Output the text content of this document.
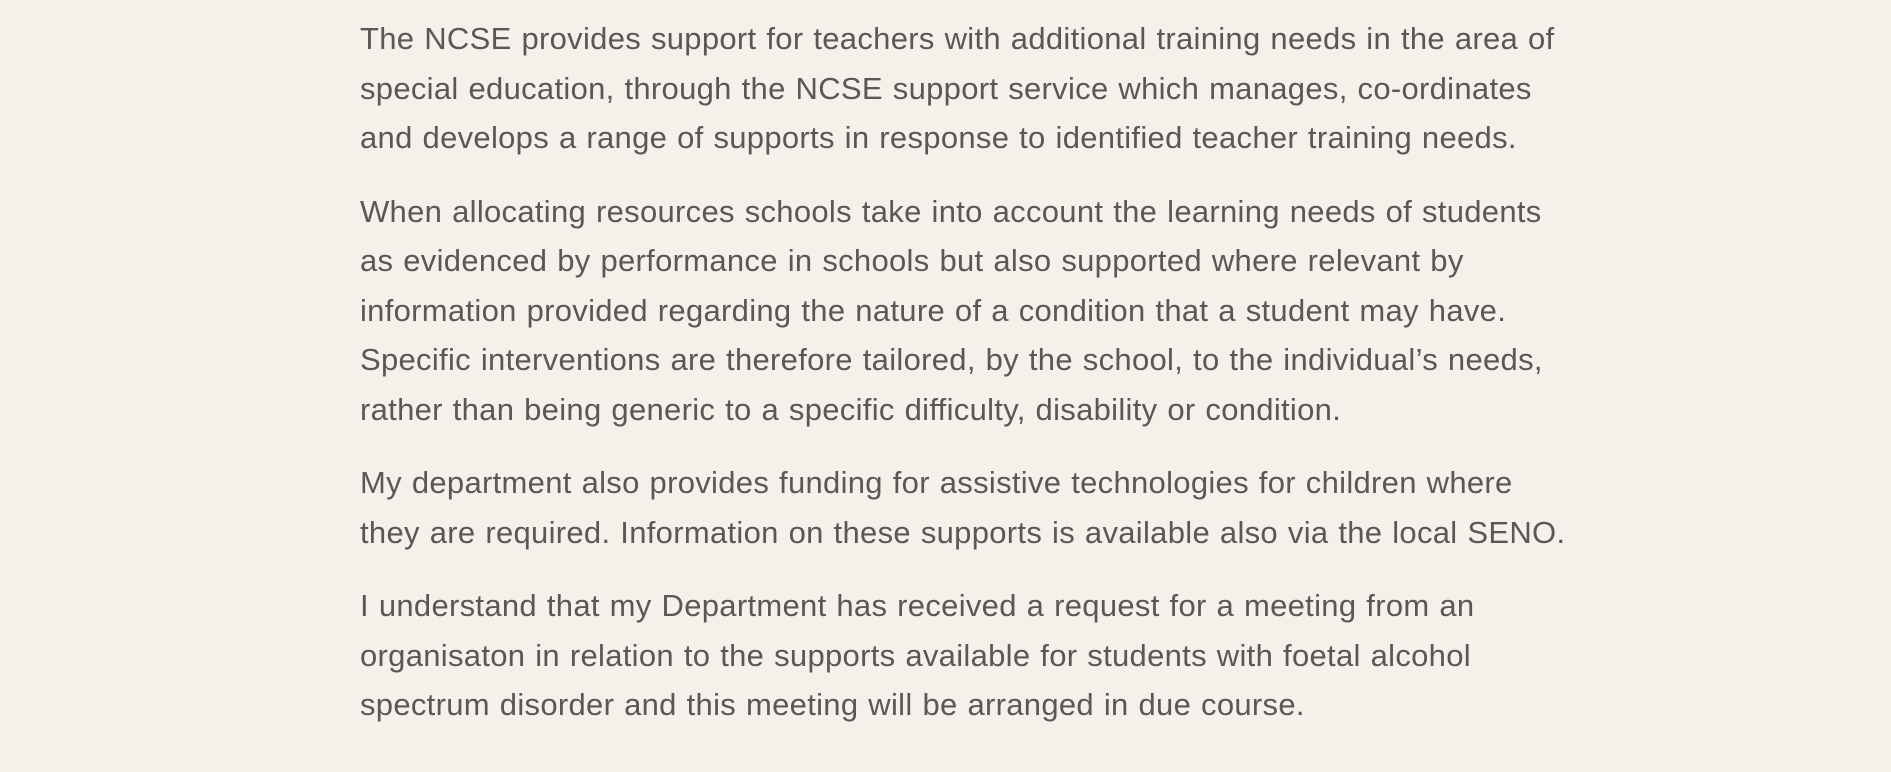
The NCSE provides support for teachers with additional training needs in the area of
special education, through the NCSE support service which manages, co-ordinates
and develops a range of supports in response to identified teacher training needs.

When allocating resources schools take into account the learning needs of students
as evidenced by performance in schools but also supported where relevant by
information provided regarding the nature of a condition that a student may have.
Specific interventions are therefore tailored, by the school, to the individual’s needs,
rather than being generic to a specific difficulty, disability or condition.

My department also provides funding for assistive technologies for children where
they are required. Information on these supports is available also via the local SENO.

I understand that my Department has received a request for a meeting from an
organisaton in relation to the supports available for students with foetal alcohol
spectrum disorder and this meeting will be arranged in due course.
